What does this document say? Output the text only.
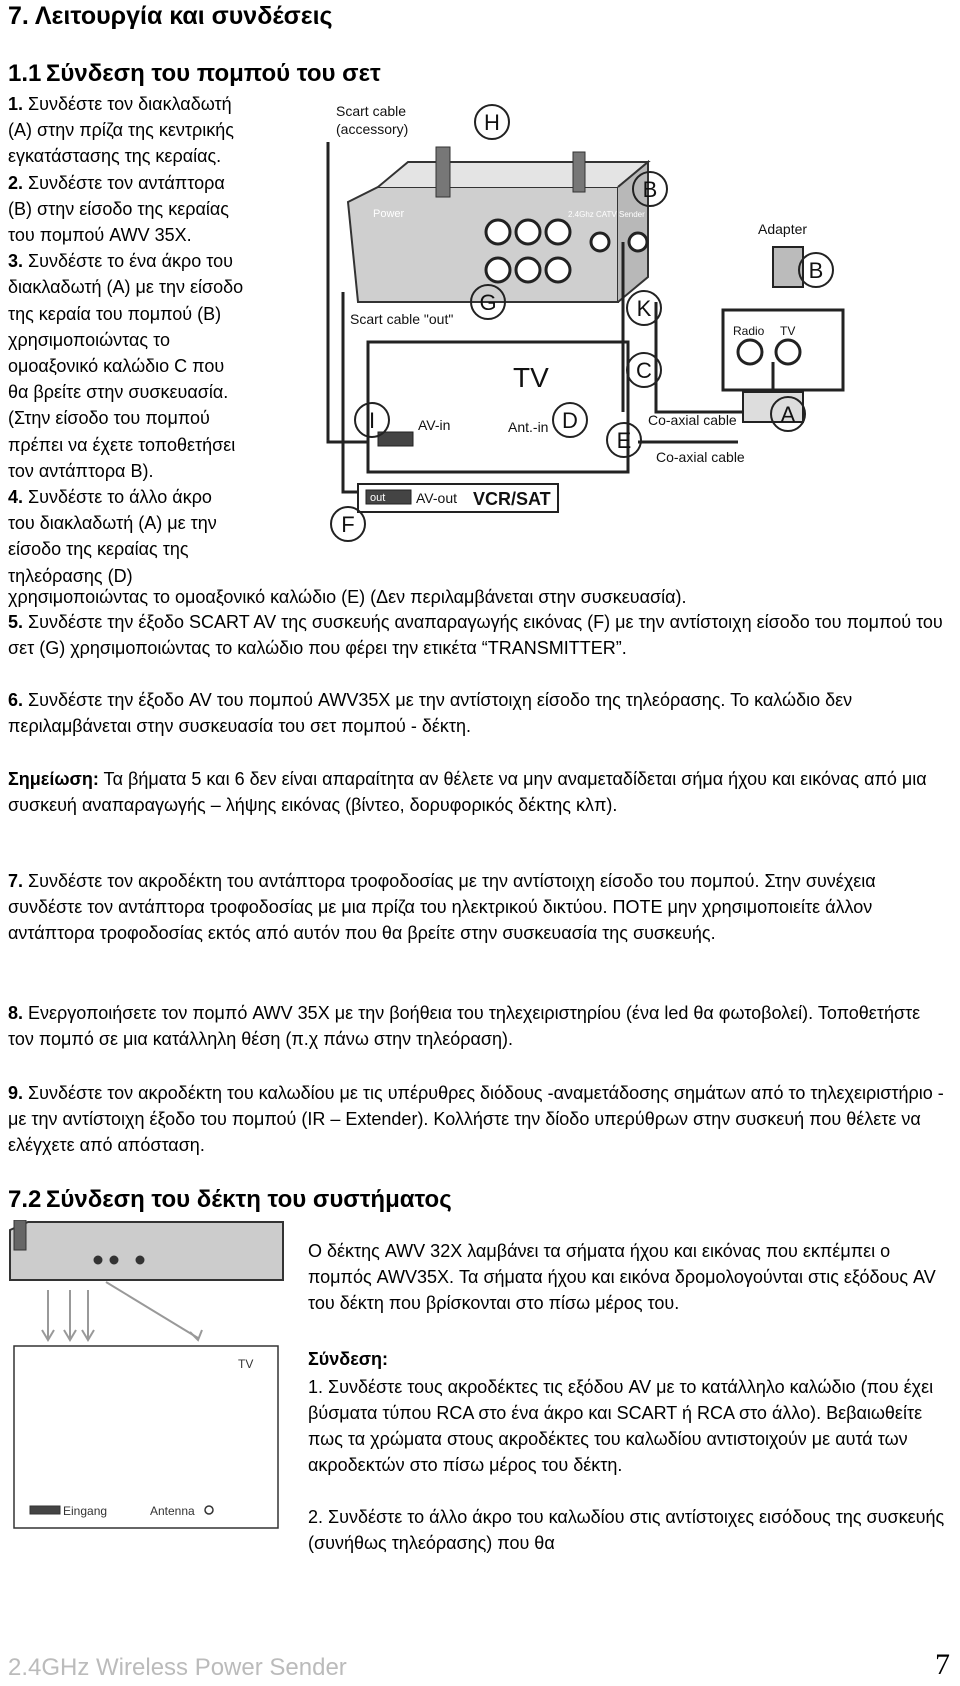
7. Λειτουργία και συνδέσεις
1.1 Σύνδεση του πομπού του σετ
1. Συνδέστε τον διακλαδωτή
(A) στην πρίζα της κεντρικής
εγκατάστασης της κεραίας.
2. Συνδέστε τον αντάπτορα
(B) στην είσοδο της κεραίας
του πομπού AWV 35X.
3. Συνδέστε το ένα άκρο του
διακλαδωτή (A) με την είσοδο
της κεραία του πομπού (B)
χρησιμοποιώντας το
ομοαξονικό καλώδιο C που
θα βρείτε στην συσκευασία.
(Στην είσοδο του πομπού
πρέπει να έχετε τοποθετήσει
τον αντάπτορα B).
4. Συνδέστε το άλλο άκρο
του διακλαδωτή (A) με την
είσοδο της κεραίας της
τηλεόρασης (D)
Scart cable
(accessory)
Scart cable "out"
Adapter
Radio TV
TV
AV-in	Ant.-in	Co-axial cable
Co-axial cable
out AV-out VCR/SAT
Power	2.4Ghz CATV Sender
H
B
G	K
C
I	D
E
A
B
F
χρησιμοποιώντας το ομοαξονικό καλώδιο (E) (Δεν περιλαμβάνεται στην συσκευασία).

5. Συνδέστε την έξοδο SCART AV της συσκευής αναπαραγωγής εικόνας (F) με την αντίστοιχη είσοδο του πομπού του σετ (G) χρησιμοποιώντας το καλώδιο που φέρει την ετικέτα “TRANSMITTER”.

6. Συνδέστε την έξοδο AV του πομπού AWV35X με την αντίστοιχη είσοδο της τηλεόρασης. Το καλώδιο δεν περιλαμβάνεται στην συσκευασία του σετ πομπού - δέκτη.

Σημείωση: Τα βήματα 5 και 6 δεν είναι απαραίτητα αν θέλετε να μην αναμεταδίδεται σήμα ήχου και εικόνας από μια συσκευή αναπαραγωγής – λήψης εικόνας (βίντεο, δορυφορικός δέκτης κλπ).

7. Συνδέστε τον ακροδέκτη του αντάπτορα τροφοδοσίας με την αντίστοιχη είσοδο του πομπού. Στην συνέχεια συνδέστε τον αντάπτορα τροφοδοσίας με μια πρίζα του ηλεκτρικού δικτύου. ΠΟΤΕ μην χρησιμοποιείτε άλλον αντάπτορα τροφοδοσίας εκτός από αυτόν που θα βρείτε στην συσκευασία της συσκευής.

8. Ενεργοποιήσετε τον πομπό AWV 35X με την βοήθεια του τηλεχειριστηρίου (ένα led θα φωτοβολεί). Τοποθετήστε τον πομπό σε μια κατάλληλη θέση (π.χ πάνω στην τηλεόραση).

9. Συνδέστε τον ακροδέκτη του καλωδίου με τις υπέρυθρες διόδους -αναμετάδοσης σημάτων από το τηλεχειριστήριο - με την αντίστοιχη έξοδο του πομπού (IR – Extender). Κολλήστε την δίοδο υπερύθρων στην συσκευή που θέλετε να ελέγχετε από απόσταση.

7.2 Σύνδεση του δέκτη του συστήματος
TV
Eingang	Antenna

Ο δέκτης AWV 32X λαμβάνει τα σήματα ήχου και εικόνας που εκπέμπει ο πομπός AWV35X. Τα σήματα ήχου και εικόνα δρομολογούνται στις εξόδους AV του δέκτη που βρίσκονται στο πίσω μέρος του.

Σύνδεση:

1. Συνδέστε τους ακροδέκτες τις εξόδου AV με το κατάλληλο καλώδιο (που έχει βύσματα τύπου RCA στο ένα άκρο και SCART ή RCA στο άλλο). Βεβαιωθείτε πως τα χρώματα στους ακροδέκτες του καλωδίου αντιστοιχούν με αυτά των ακροδεκτών στο πίσω μέρος του δέκτη.

2. Συνδέστε το άλλο άκρο του καλωδίου στις αντίστοιχες εισόδους της συσκευής (συνήθως τηλεόρασης) που θα

2.4GHz Wireless Power Sender	7
